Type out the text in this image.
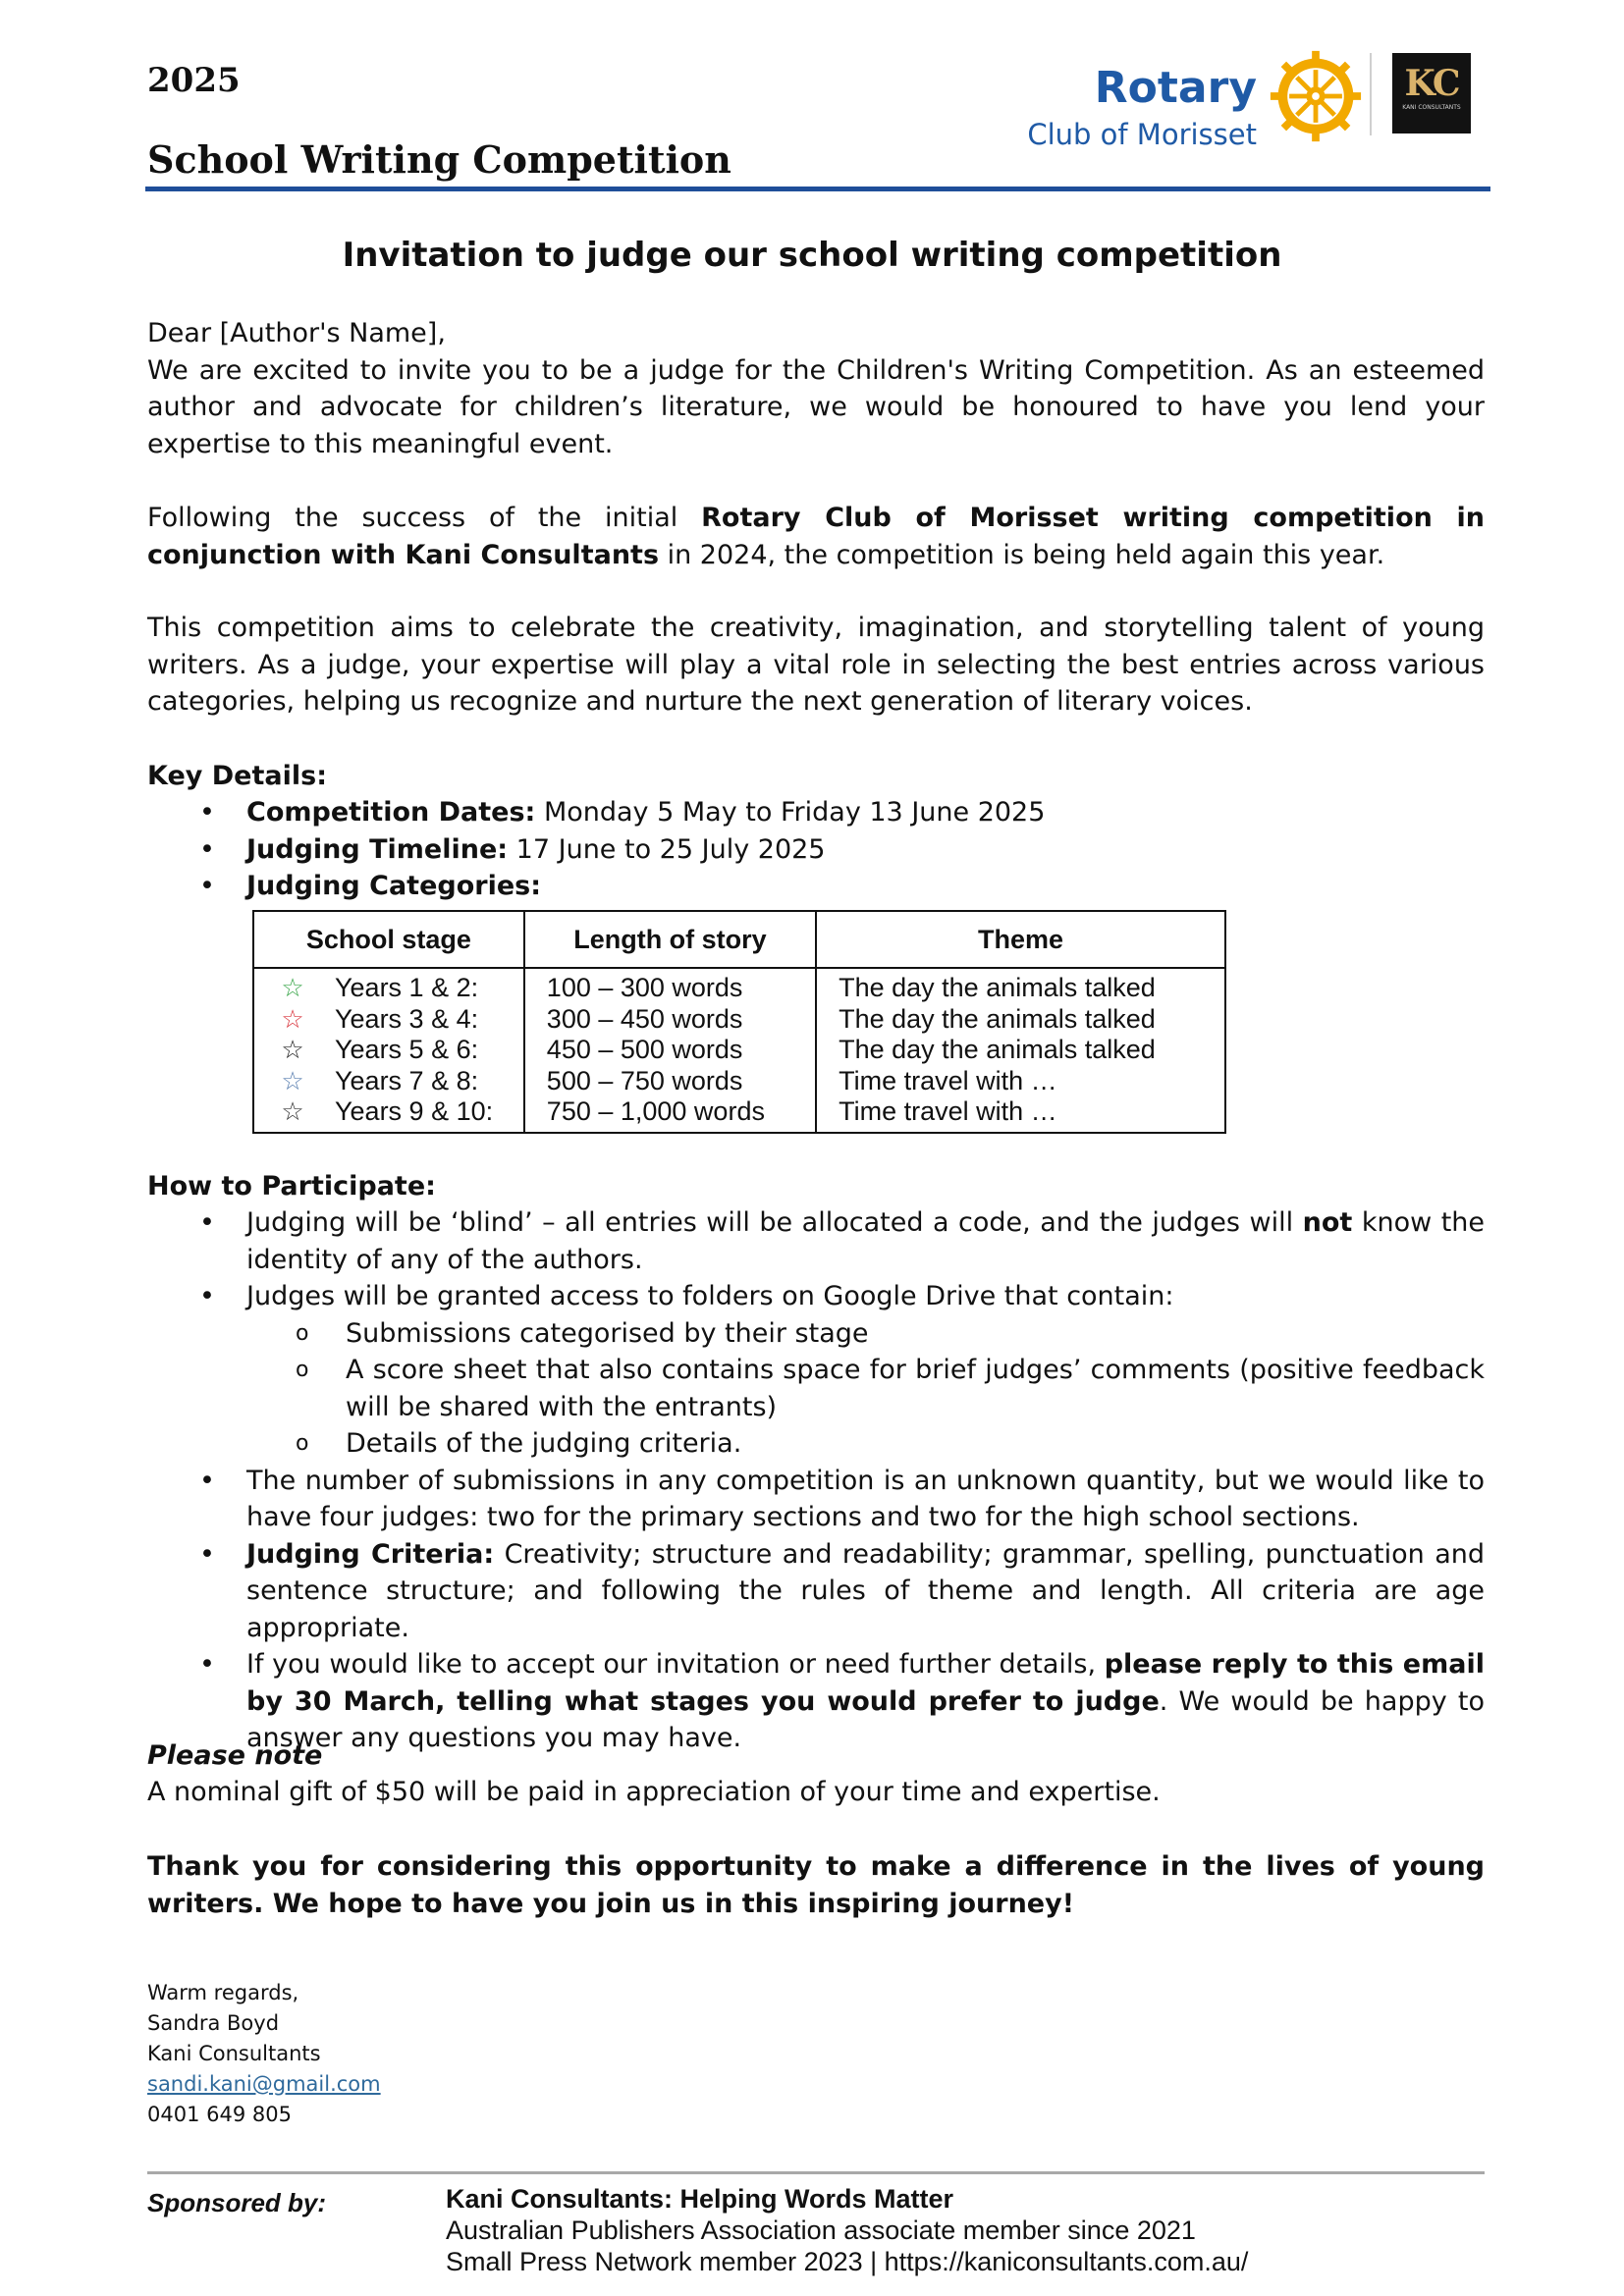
2025
School Writing Competition
Rotary
Club of Morisset
KC
KANI CONSULTANTS
Invitation to judge our school writing competition
Dear [Author's Name],
We are excited to invite you to be a judge for the Children's Writing Competition. As an esteemed author and advocate for children’s literature, we would be honoured to have you lend your expertise to this meaningful event.
Following the success of the initial Rotary Club of Morisset writing competition in conjunction with Kani Consultants in 2024, the competition is being held again this year.
This competition aims to celebrate the creativity, imagination, and storytelling talent of young writers. As a judge, your expertise will play a vital role in selecting the best entries across various categories, helping us recognize and nurture the next generation of literary voices.
Key Details:
• Competition Dates: Monday 5 May to Friday 13 June 2025
• Judging Timeline: 17 June to 25 July 2025
• Judging Categories:
School stage	Length of story	Theme
☆ Years 1 & 2:	100 – 300 words	The day the animals talked
☆ Years 3 & 4:	300 – 450 words	The day the animals talked
☆ Years 5 & 6:	450 – 500 words	The day the animals talked
☆ Years 7 & 8:	500 – 750 words	Time travel with …
☆ Years 9 & 10:	750 – 1,000 words	Time travel with …
How to Participate:
• Judging will be ‘blind’ – all entries will be allocated a code, and the judges will not know the identity of any of the authors.
• Judges will be granted access to folders on Google Drive that contain:
o Submissions categorised by their stage
o A score sheet that also contains space for brief judges’ comments (positive feedback will be shared with the entrants)
o Details of the judging criteria.
• The number of submissions in any competition is an unknown quantity, but we would like to have four judges: two for the primary sections and two for the high school sections.
• Judging Criteria: Creativity; structure and readability; grammar, spelling, punctuation and sentence structure; and following the rules of theme and length. All criteria are age appropriate.
• If you would like to accept our invitation or need further details, please reply to this email by 30 March, telling what stages you would prefer to judge. We would be happy to answer any questions you may have.
Please note
A nominal gift of $50 will be paid in appreciation of your time and expertise.
Thank you for considering this opportunity to make a difference in the lives of young writers. We hope to have you join us in this inspiring journey!
Warm regards,
Sandra Boyd
Kani Consultants
sandi.kani@gmail.com
0401 649 805
Sponsored by:	Kani Consultants: Helping Words Matter
Australian Publishers Association associate member since 2021
Small Press Network member 2023 | https://kaniconsultants.com.au/
